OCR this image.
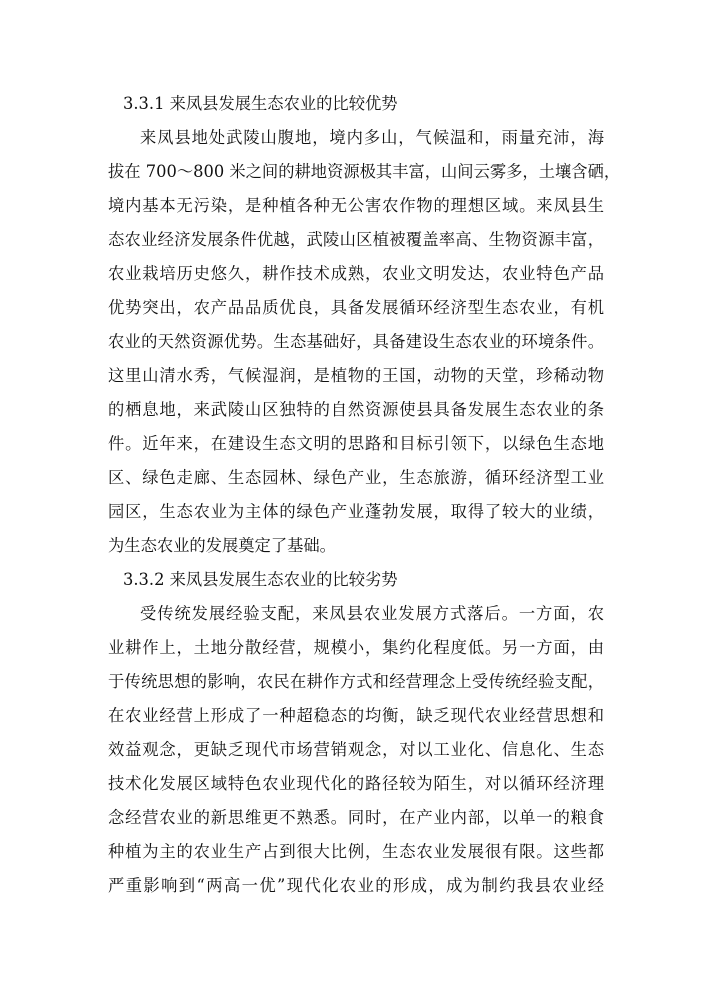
3.3.1 来凤县发展生态农业的比较优势
来凤县地处武陵山腹地，境内多山，气候温和，雨量充沛，海
拔在 700～800 米之间的耕地资源极其丰富，山间云雾多，土壤含硒，
境内基本无污染，是种植各种无公害农作物的理想区域。来凤县生
态农业经济发展条件优越，武陵山区植被覆盖率高、生物资源丰富，
农业栽培历史悠久，耕作技术成熟，农业文明发达，农业特色产品
优势突出，农产品品质优良，具备发展循环经济型生态农业，有机
农业的天然资源优势。生态基础好，具备建设生态农业的环境条件。
这里山清水秀，气候湿润，是植物的王国，动物的天堂，珍稀动物
的栖息地，来武陵山区独特的自然资源使县具备发展生态农业的条
件。近年来，在建设生态文明的思路和目标引领下，以绿色生态地
区、绿色走廊、生态园林、绿色产业，生态旅游，循环经济型工业
园区，生态农业为主体的绿色产业蓬勃发展，取得了较大的业绩，
为生态农业的发展奠定了基础。
3.3.2 来凤县发展生态农业的比较劣势
受传统发展经验支配，来凤县农业发展方式落后。一方面，农
业耕作上，土地分散经营，规模小，集约化程度低。另一方面，由
于传统思想的影响，农民在耕作方式和经营理念上受传统经验支配，
在农业经营上形成了一种超稳态的均衡，缺乏现代农业经营思想和
效益观念，更缺乏现代市场营销观念，对以工业化、信息化、生态
技术化发展区域特色农业现代化的路径较为陌生，对以循环经济理
念经营农业的新思维更不熟悉。同时，在产业内部，以单一的粮食
种植为主的农业生产占到很大比例，生态农业发展很有限。这些都
严重影响到“两高一优”现代化农业的形成，成为制约我县农业经
